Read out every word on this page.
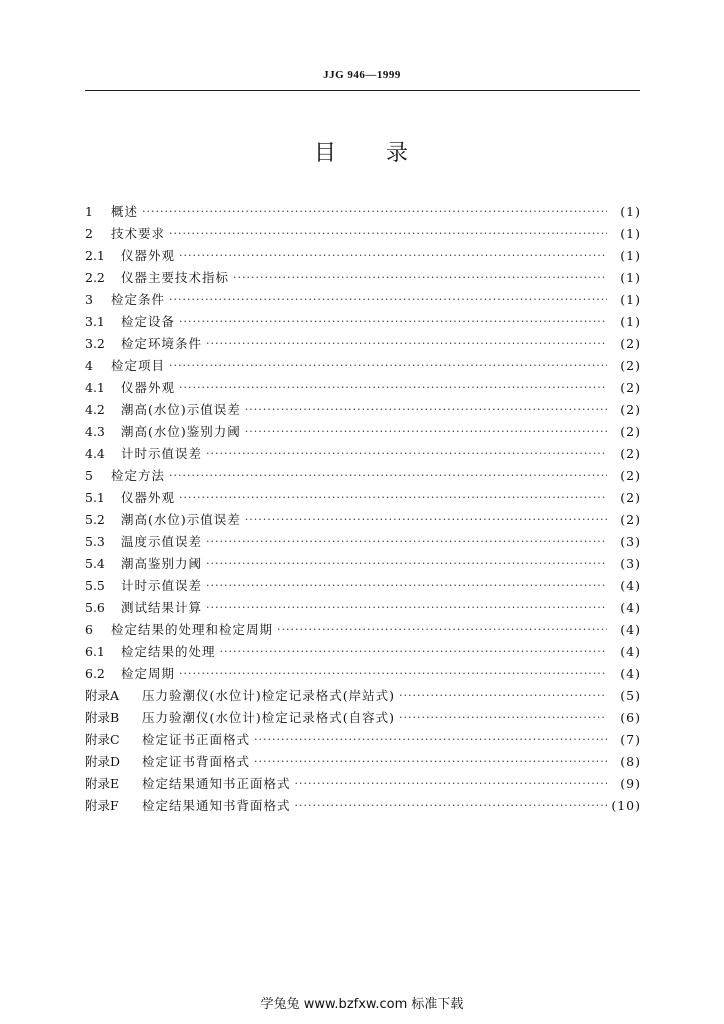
JJG 946—1999
目 录
1	概述 ·····	(1)
2	技术要求 ·····	(1)
2.1	仪器外观 ·····	(1)
2.2	仪器主要技术指标 ·····	(1)
3	检定条件 ·····	(1)
3.1	检定设备 ·····	(1)
3.2	检定环境条件 ·····	(2)
4	检定项目 ·····	(2)
4.1	仪器外观 ·····	(2)
4.2	潮高(水位)示值误差 ·····	(2)
4.3	潮高(水位)鉴别力阈 ·····	(2)
4.4	计时示值误差 ·····	(2)
5	检定方法 ·····	(2)
5.1	仪器外观 ·····	(2)
5.2	潮高(水位)示值误差 ·····	(2)
5.3	温度示值误差 ·····	(3)
5.4	潮高鉴别力阈 ·····	(3)
5.5	计时示值误差 ·····	(4)
5.6	测试结果计算 ·····	(4)
6	检定结果的处理和检定周期 ·····	(4)
6.1	检定结果的处理 ·····	(4)
6.2	检定周期 ·····	(4)
附录A	压力验潮仪(水位计)检定记录格式(岸站式) ·····	(5)
附录B	压力验潮仪(水位计)检定记录格式(自容式) ·····	(6)
附录C	检定证书正面格式 ·····	(7)
附录D	检定证书背面格式 ·····	(8)
附录E	检定结果通知书正面格式 ·····	(9)
附录F	检定结果通知书背面格式 ·····	(10)
学兔兔 www.bzfxw.com 标准下载
